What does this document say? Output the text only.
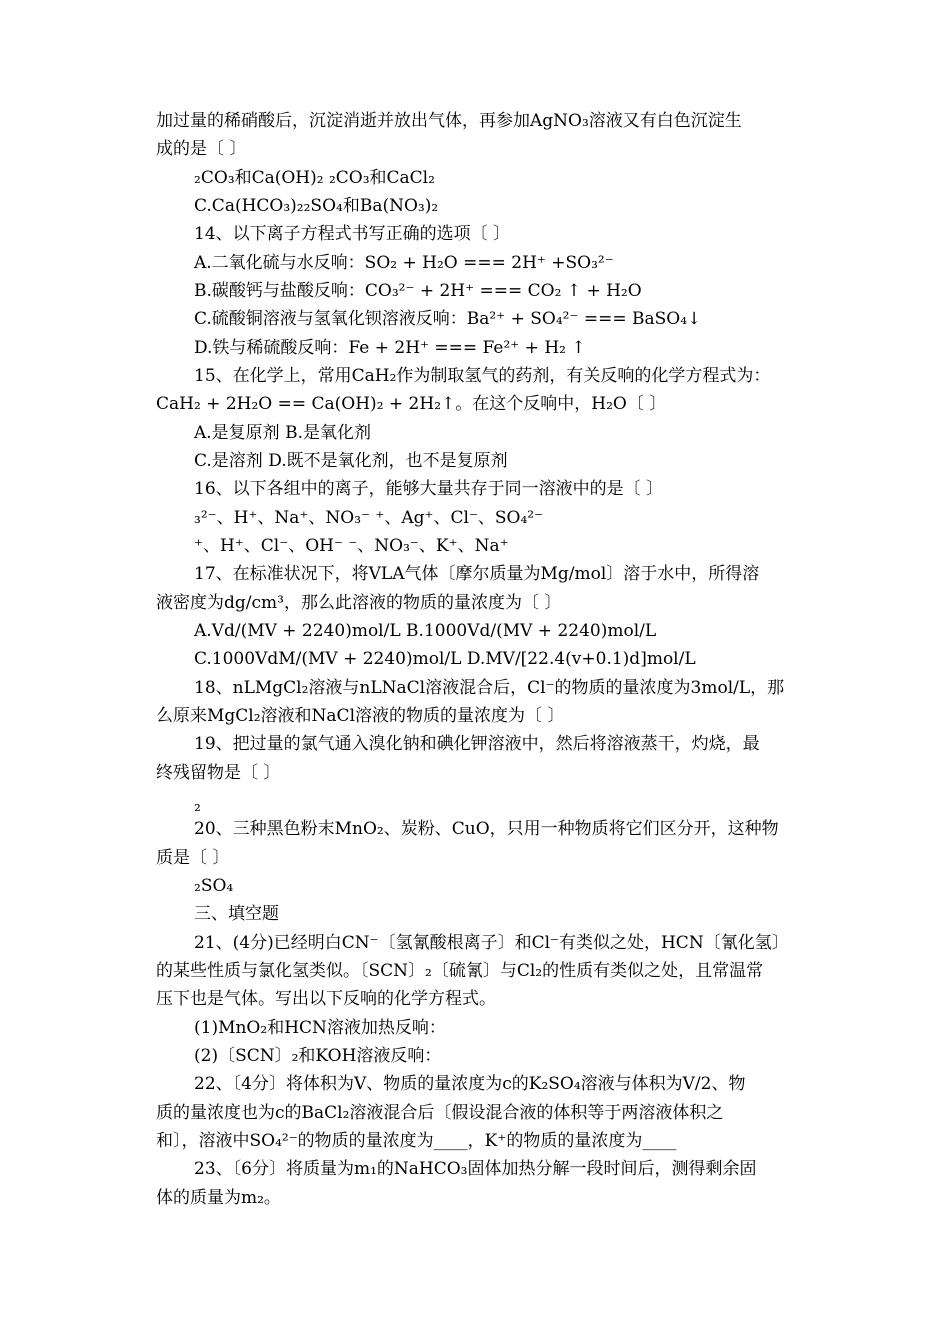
加过量的稀硝酸后，沉淀消逝并放出气体，再参加AgNO₃溶液又有白色沉淀生
成的是〔 〕
₂CO₃和Ca(OH)₂ ₂CO₃和CaCl₂
C.Ca(HCO₃)₂₂SO₄和Ba(NO₃)₂
14、以下离子方程式书写正确的选项〔 〕
A.二氧化硫与水反响：SO₂ + H₂O === 2H⁺ +SO₃²⁻
B.碳酸钙与盐酸反响：CO₃²⁻ + 2H⁺ === CO₂ ↑ + H₂O
C.硫酸铜溶液与氢氧化钡溶液反响：Ba²⁺ + SO₄²⁻ === BaSO₄↓
D.铁与稀硫酸反响：Fe + 2H⁺ === Fe²⁺ + H₂ ↑
15、在化学上，常用CaH₂作为制取氢气的药剂，有关反响的化学方程式为：
CaH₂ + 2H₂O == Ca(OH)₂ + 2H₂↑。在这个反响中，H₂O〔 〕
A.是复原剂 B.是氧化剂
C.是溶剂 D.既不是氧化剂，也不是复原剂
16、以下各组中的离子，能够大量共存于同一溶液中的是〔 〕
₃²⁻、H⁺、Na⁺、NO₃⁻ ⁺、Ag⁺、Cl⁻、SO₄²⁻
⁺、H⁺、Cl⁻、OH⁻ ⁻、NO₃⁻、K⁺、Na⁺
17、在标准状况下，将VLA气体〔摩尔质量为Mg/mol〕溶于水中，所得溶
液密度为dg/cm³，那么此溶液的物质的量浓度为〔 〕
A.Vd/(MV + 2240)mol/L B.1000Vd/(MV + 2240)mol/L
C.1000VdM/(MV + 2240)mol/L D.MV/[22.4(v+0.1)d]mol/L
18、nLMgCl₂溶液与nLNaCl溶液混合后，Cl⁻的物质的量浓度为3mol/L，那
么原来MgCl₂溶液和NaCl溶液的物质的量浓度为〔 〕
19、把过量的氯气通入溴化钠和碘化钾溶液中，然后将溶液蒸干，灼烧，最
终残留物是〔 〕
₂
20、三种黑色粉末MnO₂、炭粉、CuO，只用一种物质将它们区分开，这种物
质是〔 〕
₂SO₄
三、填空题
21、(4分)已经明白CN⁻〔氢氰酸根离子〕和Cl⁻有类似之处，HCN〔氰化氢〕
的某些性质与氯化氢类似。〔SCN〕₂〔硫氰〕与Cl₂的性质有类似之处，且常温常
压下也是气体。写出以下反响的化学方程式。
(1)MnO₂和HCN溶液加热反响：
(2)〔SCN〕₂和KOH溶液反响：
22、〔4分〕将体积为V、物质的量浓度为c的K₂SO₄溶液与体积为V/2、物
质的量浓度也为c的BaCl₂溶液混合后〔假设混合液的体积等于两溶液体积之
和〕，溶液中SO₄²⁻的物质的量浓度为____，K⁺的物质的量浓度为____
23、〔6分〕将质量为m₁的NaHCO₃固体加热分解一段时间后，测得剩余固
体的质量为m₂。
